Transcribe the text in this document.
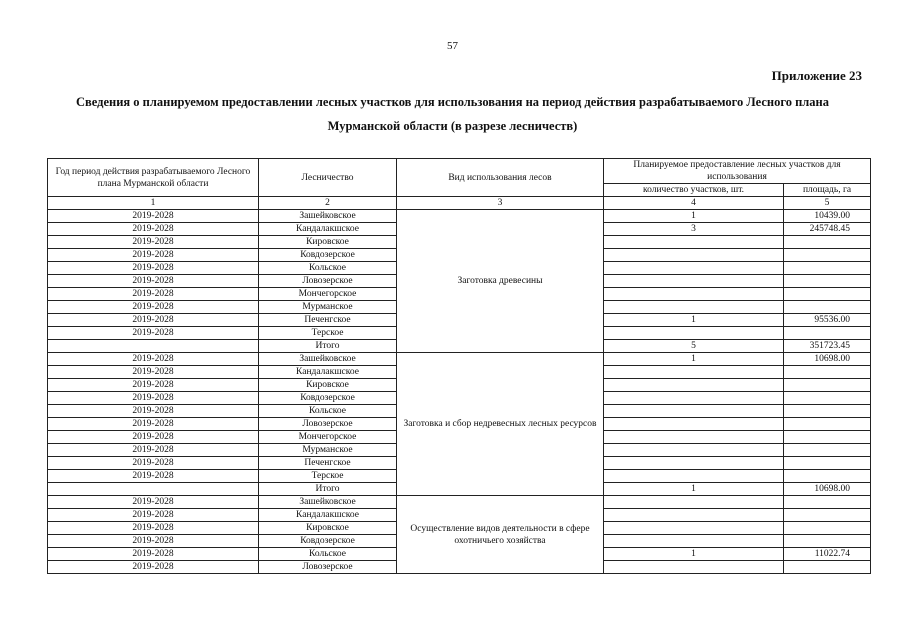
57
Приложение 23
Сведения о планируемом предоставлении лесных участков для использования на период действия разрабатываемого Лесного плана
Мурманской области (в разрезе лесничеств)
Год период действия разрабатываемого Лесного плана Мурманской области	Лесничество	Вид использования лесов	Планируемое предоставление лесных участков для использования	
			количество участков, шт.	площадь, га
1	2	3	4	5
2019-2028	Зашейковское	Заготовка древесины	1	10439.00
2019-2028	Кандалакшское		3	245748.45
2019-2028	Кировское			
2019-2028	Ковдозерское			
2019-2028	Кольское			
2019-2028	Ловозерское			
2019-2028	Мончегорское			
2019-2028	Мурманское			
2019-2028	Печенгское		1	95536.00
2019-2028	Терское			
	Итого		5	351723.45
2019-2028	Зашейковское	Заготовка и сбор недревесных лесных ресурсов	1	10698.00
2019-2028	Кандалакшское			
2019-2028	Кировское			
2019-2028	Ковдозерское			
2019-2028	Кольское			
2019-2028	Ловозерское			
2019-2028	Мончегорское			
2019-2028	Мурманское			
2019-2028	Печенгское			
2019-2028	Терское			
	Итого		1	10698.00
2019-2028	Зашейковское	Осуществление видов деятельности в сфере охотничьего хозяйства		
2019-2028	Кандалакшское			
2019-2028	Кировское			
2019-2028	Ковдозерское			
2019-2028	Кольское		1	11022.74
2019-2028	Ловозерское			
